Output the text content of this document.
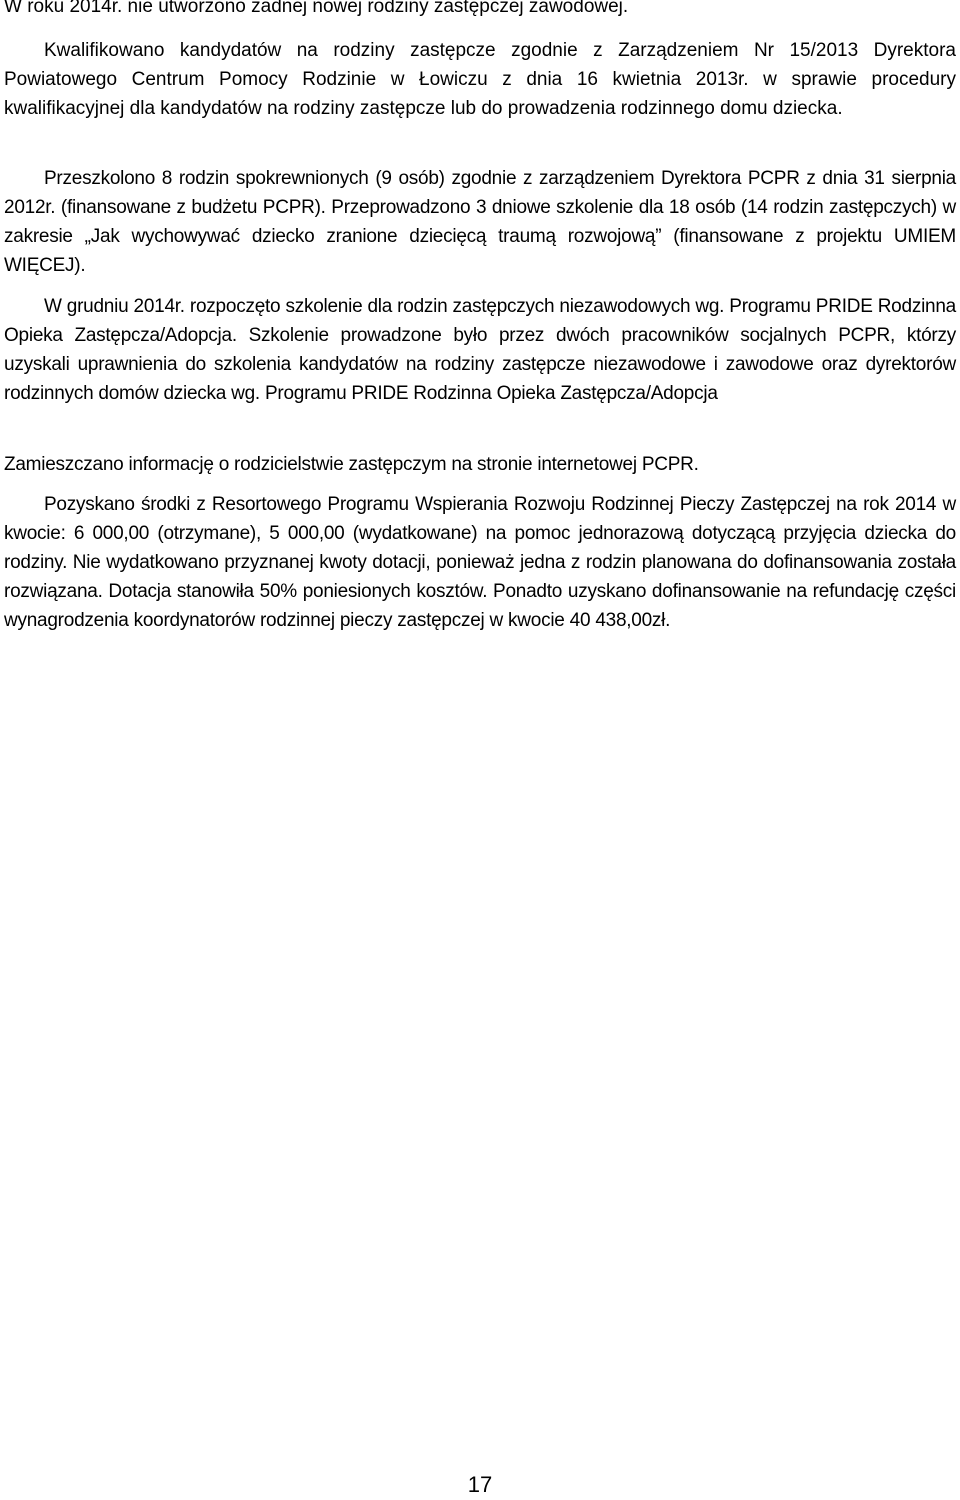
W roku 2014r. nie utworzono żadnej nowej rodziny zastępczej zawodowej.

Kwalifikowano kandydatów na rodziny zastępcze zgodnie z Zarządzeniem Nr 15/2013 Dyrektora Powiatowego Centrum Pomocy Rodzinie w Łowiczu z dnia 16 kwietnia 2013r. w sprawie procedury kwalifikacyjnej dla kandydatów na rodziny zastępcze lub do prowadzenia rodzinnego domu dziecka.

Przeszkolono 8 rodzin spokrewnionych (9 osób) zgodnie z zarządzeniem Dyrektora PCPR z dnia 31 sierpnia 2012r. (finansowane z budżetu PCPR). Przeprowadzono 3 dniowe szkolenie dla 18 osób (14 rodzin zastępczych) w zakresie „Jak wychowywać dziecko zranione dziecięcą traumą rozwojową” (finansowane z projektu UMIEM WIĘCEJ).

W grudniu 2014r. rozpoczęto szkolenie dla rodzin zastępczych niezawodowych wg. Programu PRIDE Rodzinna Opieka Zastępcza/Adopcja. Szkolenie prowadzone było przez dwóch pracowników socjalnych PCPR, którzy uzyskali uprawnienia do szkolenia kandydatów na rodziny zastępcze niezawodowe i zawodowe oraz dyrektorów rodzinnych domów dziecka wg. Programu PRIDE Rodzinna Opieka Zastępcza/Adopcja

Zamieszczano informację o rodzicielstwie zastępczym na stronie internetowej PCPR.

Pozyskano środki z Resortowego Programu Wspierania Rozwoju Rodzinnej Pieczy Zastępczej na rok 2014 w kwocie: 6 000,00 (otrzymane), 5 000,00 (wydatkowane) na pomoc jednorazową dotyczącą przyjęcia dziecka do rodziny. Nie wydatkowano przyznanej kwoty dotacji, ponieważ jedna z rodzin planowana do dofinansowania została rozwiązana. Dotacja stanowiła 50% poniesionych kosztów. Ponadto uzyskano dofinansowanie na refundację części wynagrodzenia koordynatorów rodzinnej pieczy zastępczej w kwocie 40 438,00zł.

17
